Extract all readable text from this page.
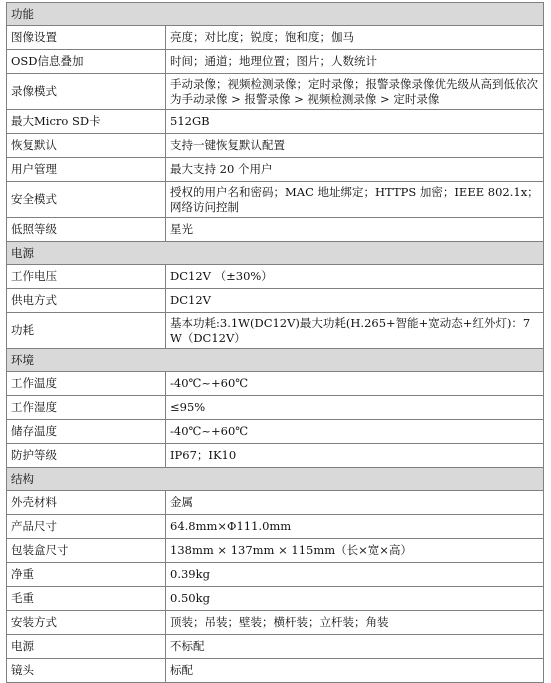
功能	
图像设置	亮度；对比度；锐度；饱和度；伽马
OSD信息叠加	时间；通道；地理位置；图片；人数统计
录像模式	手动录像；视频检测录像；定时录像；报警录像录像优先级从高到低依次为手动录像 > 报警录像 > 视频检测录像 > 定时录像
最大Micro SD卡	512GB
恢复默认	支持一键恢复默认配置
用户管理	最大支持 20 个用户
安全模式	授权的用户名和密码；MAC 地址绑定；HTTPS 加密；IEEE 802.1x；网络访问控制
低照等级	星光
电源	
工作电压	DC12V （±30%）
供电方式	DC12V
功耗	基本功耗:3.1W(DC12V)最大功耗(H.265+智能+宽动态+红外灯)：7W（DC12V）
环境	
工作温度	-40℃~+60℃
工作湿度	≤95%
储存温度	-40℃~+60℃
防护等级	IP67；IK10
结构	
外壳材料	金属
产品尺寸	64.8mm×Φ111.0mm
包装盒尺寸	138mm × 137mm × 115mm（长×宽×高）
净重	0.39kg
毛重	0.50kg
安装方式	顶装；吊装；壁装；横杆装；立杆装；角装
电源	不标配
镜头	标配
